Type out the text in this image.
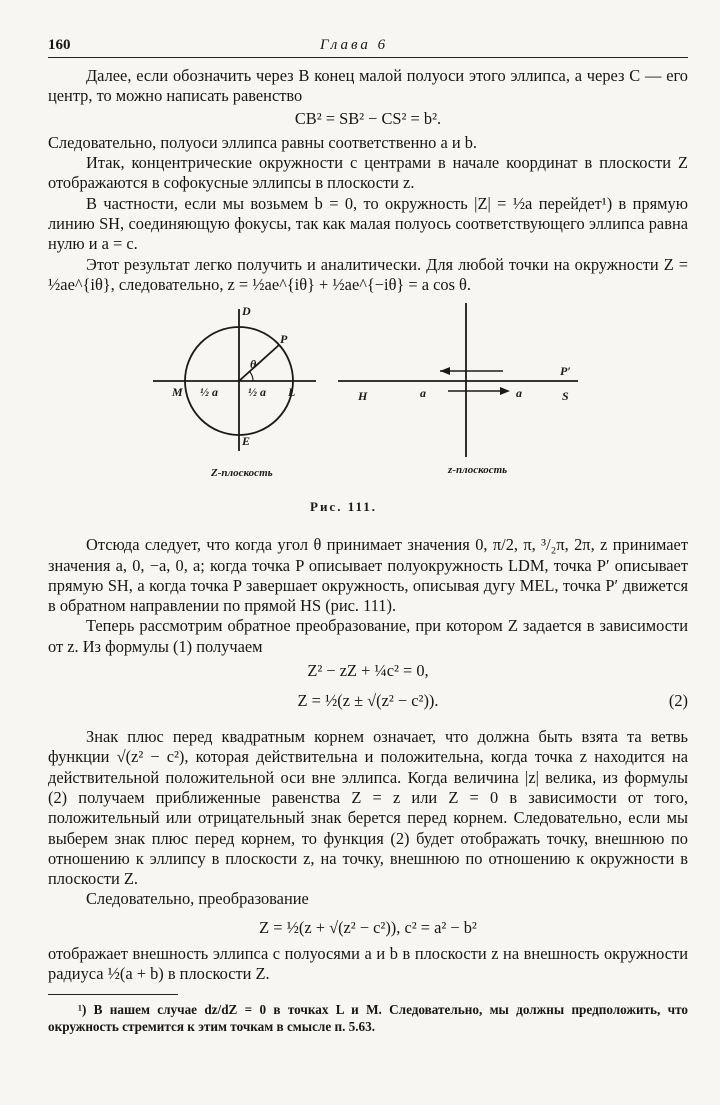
160	Глава 6

Далее, если обозначить через B конец малой полуоси этого эллипса, а через C — его центр, то можно написать равенство

CB² = SB² − CS² = b².

Следовательно, полуоси эллипса равны соответственно a и b.

Итак, концентрические окружности с центрами в начале координат в плоскости Z отображаются в софокусные эллипсы в плоскости z.

В частности, если мы возьмем b = 0, то окружность |Z| = ½a перейдет¹) в прямую линию SH, соединяющую фокусы, так как малая полуось соответствующего эллипса равна нулю и a = c.

Этот результат легко получить и аналитически. Для любой точки на окружности Z = ½ae^{iθ}, следовательно, z = ½ae^{iθ} + ½ae^{−iθ} = a cos θ.

D
P
θ
M	L
½ a	½ a
E
Z-плоскость
H	a	a
P′
S
z-плоскость
Рис. 111.

Отсюда следует, что когда угол θ принимает значения 0, π/2, π, ³/₂π, 2π, z принимает значения a, 0, −a, 0, a; когда точка P описывает полуокружность LDM, точка P′ описывает прямую SH, а когда точка P завершает окружность, описывая дугу MEL, точка P′ движется в обратном направлении по прямой HS (рис. 111).

Теперь рассмотрим обратное преобразование, при котором Z задается в зависимости от z. Из формулы (1) получаем

Z² − zZ + ¼c² = 0,
Z = ½(z ± √(z² − c²)).	(2)

Знак плюс перед квадратным корнем означает, что должна быть взята та ветвь функции √(z² − c²), которая действительна и положительна, когда точка z находится на действительной положительной оси вне эллипса. Когда величина |z| велика, из формулы (2) получаем приближенные равенства Z = z или Z = 0 в зависимости от того, положительный или отрицательный знак берется перед корнем. Следовательно, если мы выберем знак плюс перед корнем, то функция (2) будет отображать точку, внешнюю по отношению к эллипсу в плоскости z, на точку, внешнюю по отношению к окружности в плоскости Z.

Следовательно, преобразование

Z = ½(z + √(z² − c²)), c² = a² − b²

отображает внешность эллипса с полуосями a и b в плоскости z на внешность окружности радиуса ½(a + b) в плоскости Z.

¹) В нашем случае dz/dZ = 0 в точках L и M. Следовательно, мы должны предположить, что окружность стремится к этим точкам в смысле п. 5.63.
